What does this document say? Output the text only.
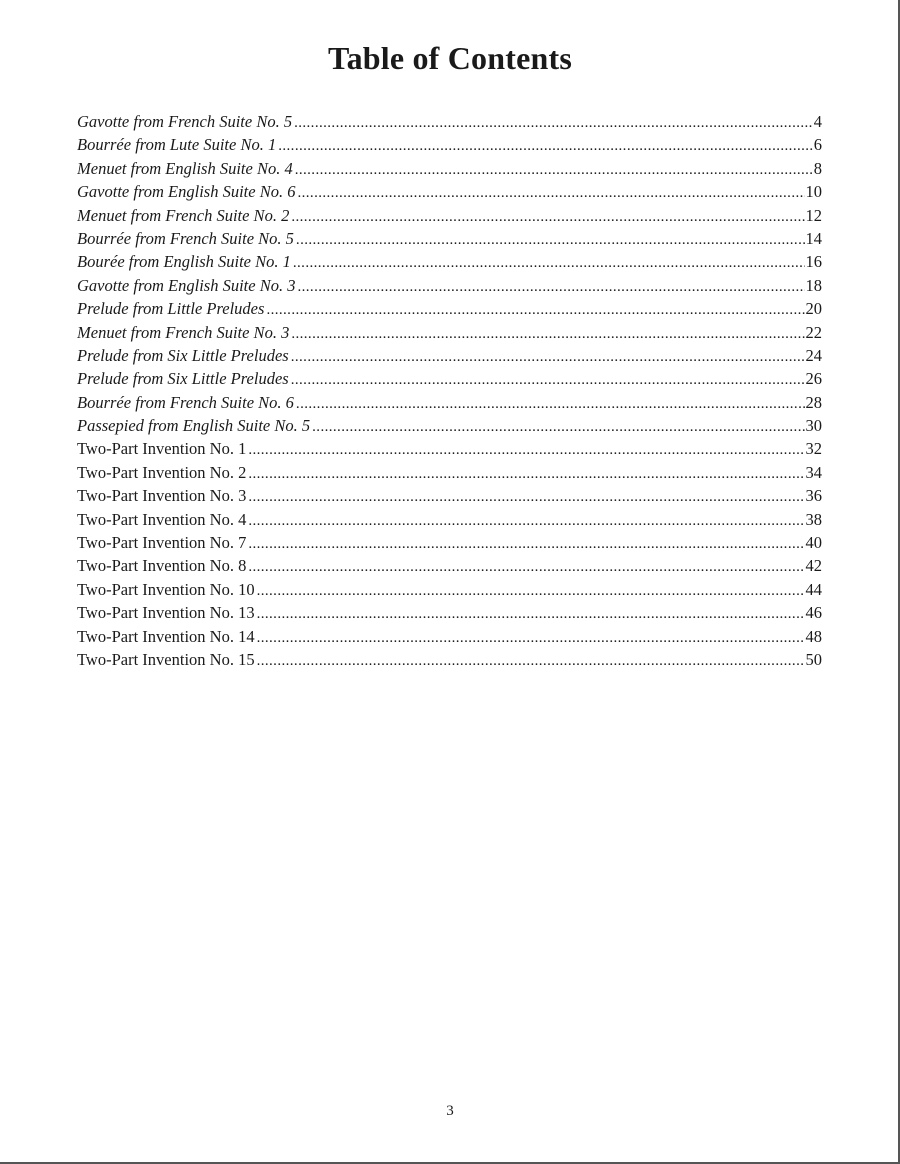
Table of Contents
Gavotte from French Suite No. 5 .....	4
Bourrée from Lute Suite No. 1 .....	6
Menuet from English Suite No. 4 .....	8
Gavotte from English Suite No. 6 .....	10
Menuet from French Suite No. 2 .....	12
Bourrée from French Suite No. 5 .....	14
Bourée from English Suite No. 1 .....	16
Gavotte from English Suite No. 3 .....	18
Prelude from Little Preludes .....	20
Menuet from French Suite No. 3 .....	22
Prelude from Six Little Preludes .....	24
Prelude from Six Little Preludes .....	26
Bourrée from French Suite No. 6 .....	28
Passepied from English Suite No. 5 .....	30
Two-Part Invention No. 1 .....	32
Two-Part Invention No. 2 .....	34
Two-Part Invention No. 3 .....	36
Two-Part Invention No. 4 .....	38
Two-Part Invention No. 7 .....	40
Two-Part Invention No. 8 .....	42
Two-Part Invention No. 10 .....	44
Two-Part Invention No. 13 .....	46
Two-Part Invention No. 14 .....	48
Two-Part Invention No. 15 .....	50
3
